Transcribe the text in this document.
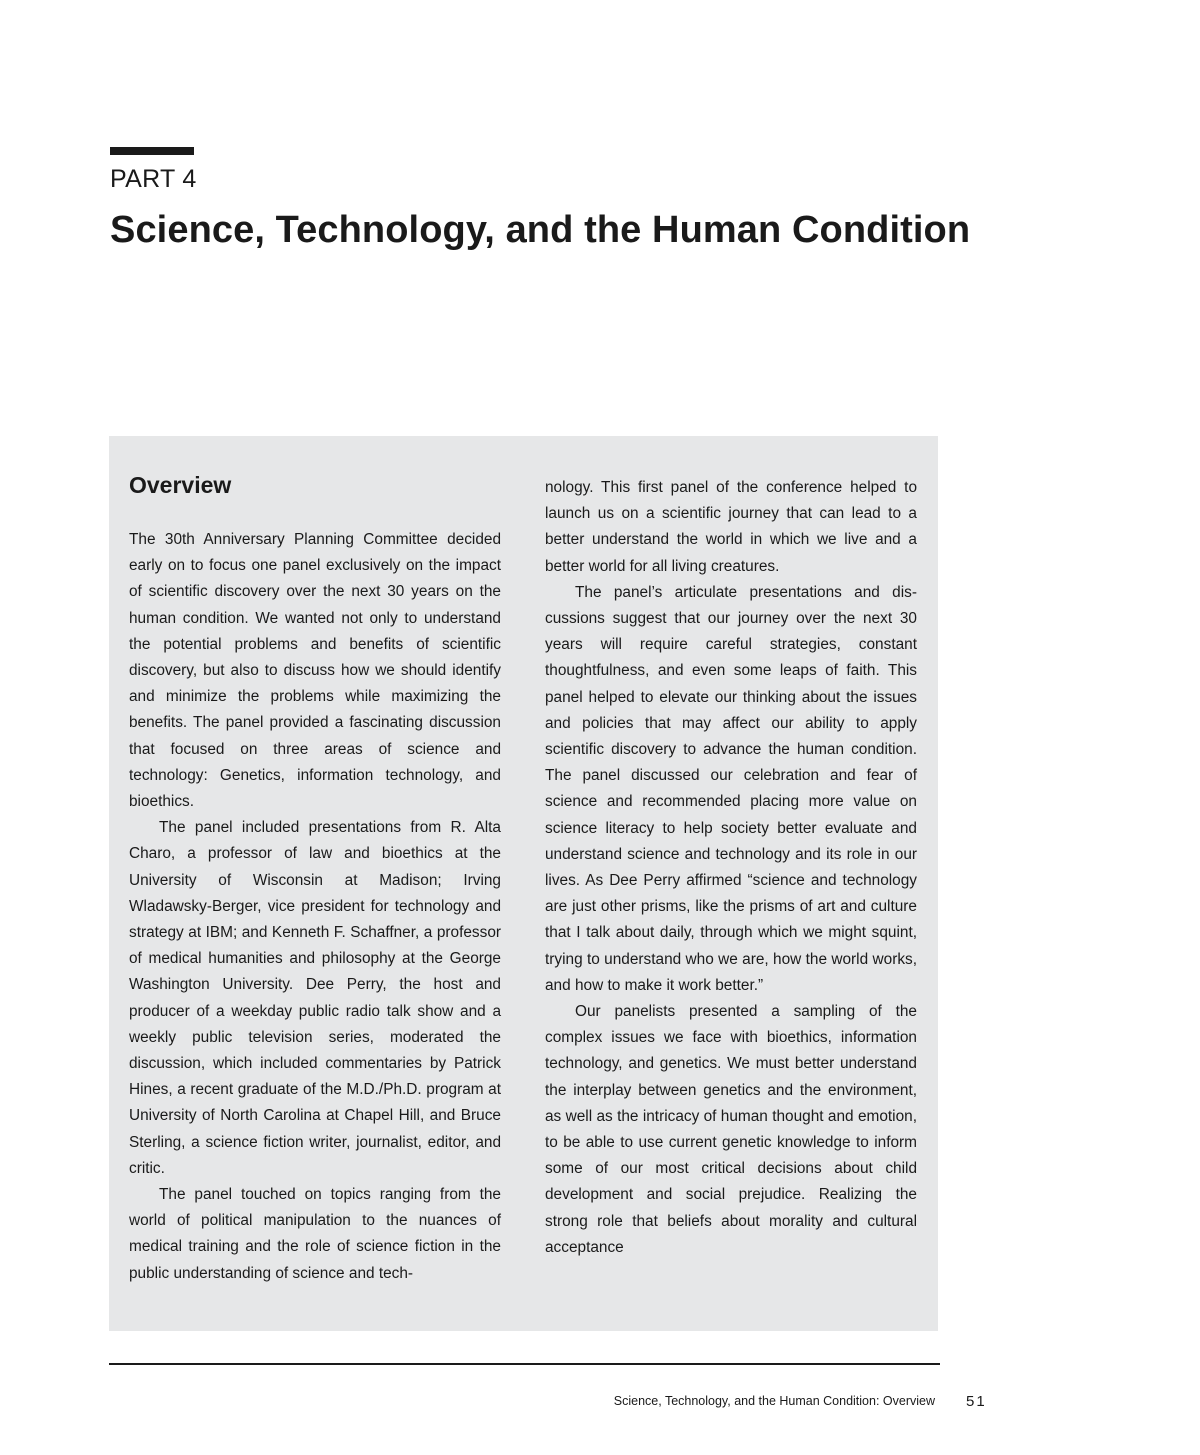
PART 4
Science, Technology, and the Human Condition
Overview

The 30th Anniversary Planning Committee decided early on to focus one panel exclusively on the impact of scientific discovery over the next 30 years on the human condition. We wanted not only to understand the potential problems and benefits of scientific discovery, but also to discuss how we should identify and minimize the problems while maximizing the benefits. The panel provided a fascinating discussion that focused on three areas of science and technology: Genetics, information technology, and bioethics.

The panel included presentations from R. Alta Charo, a professor of law and bioethics at the University of Wisconsin at Madison; Irving Wladawsky-Berger, vice president for technology and strategy at IBM; and Kenneth F. Schaffner, a professor of medical humanities and philosophy at the George Washington University. Dee Perry, the host and producer of a weekday public radio talk show and a weekly public television series, moderated the discussion, which included commentaries by Patrick Hines, a recent graduate of the M.D./Ph.D. program at University of North Carolina at Chapel Hill, and Bruce Sterling, a science fiction writer, journalist, editor, and critic.

The panel touched on topics ranging from the world of political manipulation to the nuances of medical training and the role of science fiction in the public understanding of science and tech-

nology. This first panel of the conference helped to launch us on a scientific journey that can lead to a better understand the world in which we live and a better world for all living creatures.

The panel’s articulate presentations and discussions suggest that our journey over the next 30 years will require careful strategies, constant thoughtfulness, and even some leaps of faith. This panel helped to elevate our thinking about the issues and policies that may affect our ability to apply scientific discovery to advance the human condition. The panel discussed our celebration and fear of science and recommended placing more value on science literacy to help society better evaluate and understand science and technology and its role in our lives. As Dee Perry affirmed “science and technology are just other prisms, like the prisms of art and culture that I talk about daily, through which we might squint, trying to understand who we are, how the world works, and how to make it work better.”

Our panelists presented a sampling of the complex issues we face with bioethics, information technology, and genetics. We must better understand the interplay between genetics and the environment, as well as the intricacy of human thought and emotion, to be able to use current genetic knowledge to inform some of our most critical decisions about child development and social prejudice. Realizing the strong role that beliefs about morality and cultural acceptance

Science, Technology, and the Human Condition: Overview 51
